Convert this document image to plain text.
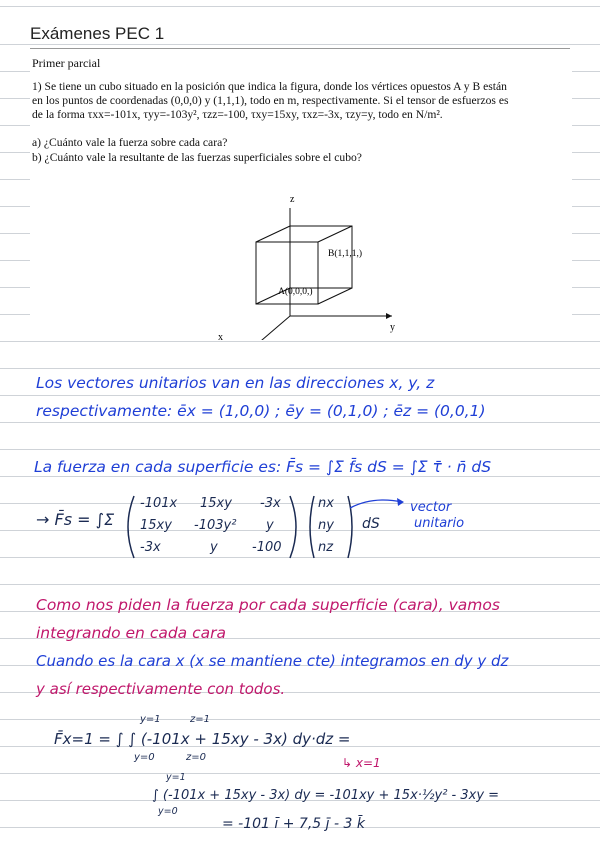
Exámenes PEC 1
Primer parcial
1) Se tiene un cubo situado en la posición que indica la figura, donde los vértices opuestos A y B están
en los puntos de coordenadas (0,0,0) y (1,1,1), todo en m, respectivamente. Si el tensor de esfuerzos es
de la forma τxx=-101x, τyy=-103y², τzz=-100, τxy=15xy, τxz=-3x, τzy=y, todo en N/m².
a) ¿Cuánto vale la fuerza sobre cada cara?
b) ¿Cuánto vale la resultante de las fuerzas superficiales sobre el cubo?
z
y
x
B(1,1,1,)
A(0,0,0,)
Los vectores unitarios van en las direcciones x, y, z
respectivamente: ēx = (1,0,0) ; ēy = (0,1,0) ; ēz = (0,0,1)
La fuerza en cada superficie es: F̄s = ∫Σ f̄s dS = ∫Σ τ̄ · n̄ dS
→ F̄s = ∫Σ
-101x 15xy -3x
15xy -103y² y
-3x	y	-100
nx
ny
nz
dS
vector
unitario
Como nos piden la fuerza por cada superficie (cara), vamos
integrando en cada cara
Cuando es la cara x (x se mantiene cte) integramos en dy y dz
y así respectivamente con todos.
F̄x=1 = ∫ ∫ (-101x + 15xy - 3x) dy·dz =
y=1
y=0
z=1
z=0	↳ x=1
∫ (-101x + 15xy - 3x) dy = -101xy + 15x·½y² - 3xy =
y=1
y=0
= -101 ī + 7,5 j̄ - 3 k̄
